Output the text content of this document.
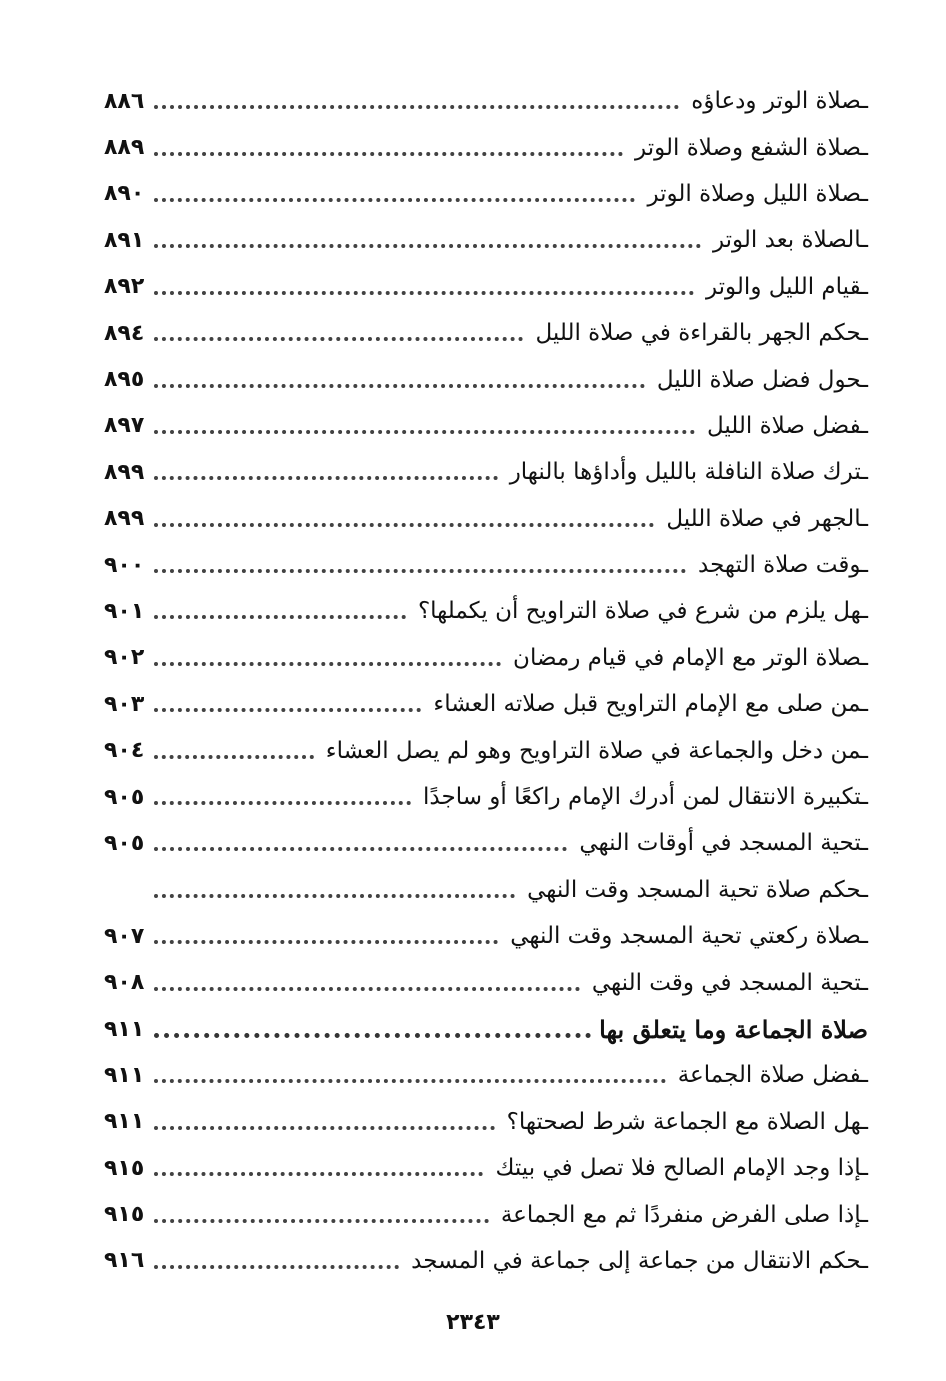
ـصلاة الوتر ودعاؤه
٨٨٦
ـصلاة الشفع وصلاة الوتر
٨٨٩
ـصلاة الليل وصلاة الوتر
٨٩٠
ـالصلاة بعد الوتر
٨٩١
ـقيام الليل والوتر
٨٩٢
ـحكم الجهر بالقراءة في صلاة الليل
٨٩٤
ـحول فضل صلاة الليل
٨٩٥
ـفضل صلاة الليل
٨٩٧
ـترك صلاة النافلة بالليل وأداؤها بالنهار
٨٩٩
ـالجهر في صلاة الليل
٨٩٩
ـوقت صلاة التهجد
٩٠٠
ـهل يلزم من شرع في صلاة التراويح أن يكملها؟
٩٠١
ـصلاة الوتر مع الإمام في قيام رمضان
٩٠٢
ـمن صلى مع الإمام التراويح قبل صلاته العشاء
٩٠٣
ـمن دخل والجماعة في صلاة التراويح وهو لم يصل العشاء
٩٠٤
ـتكبيرة الانتقال لمن أدرك الإمام راكعًا أو ساجدًا
٩٠٥
ـتحية المسجد في أوقات النهي
٩٠٥
ـحكم صلاة تحية المسجد وقت النهي
ـصلاة ركعتي تحية المسجد وقت النهي
٩٠٧
ـتحية المسجد في وقت النهي
٩٠٨
صلاة الجماعة وما يتعلق بها
٩١١
ـفضل صلاة الجماعة
٩١١
ـهل الصلاة مع الجماعة شرط لصحتها؟
٩١١
ـإذا وجد الإمام الصالح فلا تصل في بيتك
٩١٥
ـإذا صلى الفرض منفردًا ثم مع الجماعة
٩١٥
ـحكم الانتقال من جماعة إلى جماعة في المسجد
٩١٦
٢٣٤٣
